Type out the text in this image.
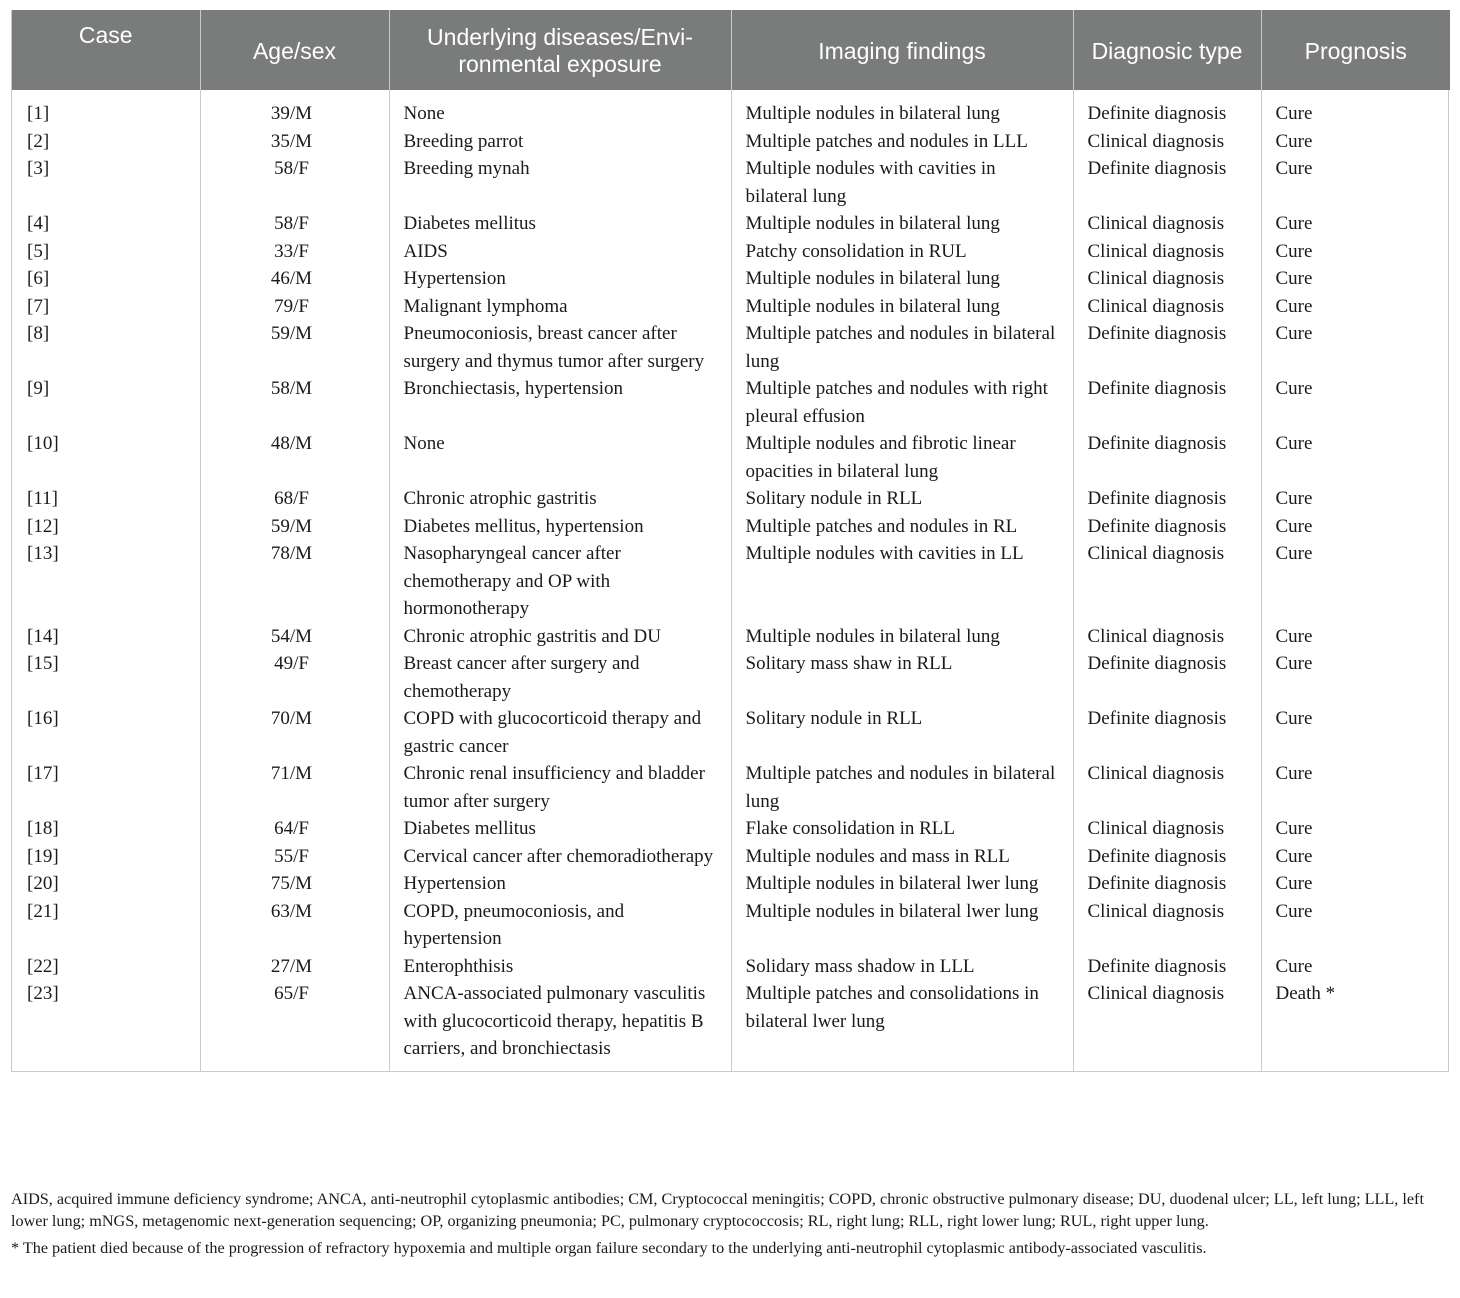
Case	Age/sex	Underlying diseases/Envi-ronmental exposure	Imaging findings	Diagnosic type	Prognosis
[1]	39/M	None	Multiple nodules in bilateral lung	Definite diagnosis	Cure
[2]	35/M	Breeding parrot	Multiple patches and nodules in LLL	Clinical diagnosis	Cure
[3]	58/F	Breeding mynah	Multiple nodules with cavities in bilateral lung	Definite diagnosis	Cure
[4]	58/F	Diabetes mellitus	Multiple nodules in bilateral lung	Clinical diagnosis	Cure
[5]	33/F	AIDS	Patchy consolidation in RUL	Clinical diagnosis	Cure
[6]	46/M	Hypertension	Multiple nodules in bilateral lung	Clinical diagnosis	Cure
[7]	79/F	Malignant lymphoma	Multiple nodules in bilateral lung	Clinical diagnosis	Cure
[8]	59/M	Pneumoconiosis, breast cancer after surgery and thymus tumor after surgery	Multiple patches and nodules in bilateral lung	Definite diagnosis	Cure
[9]	58/M	Bronchiectasis, hypertension	Multiple patches and nodules with right pleural effusion	Definite diagnosis	Cure
[10]	48/M	None	Multiple nodules and fibrotic linear opacities in bilateral lung	Definite diagnosis	Cure
[11]	68/F	Chronic atrophic gastritis	Solitary nodule in RLL	Definite diagnosis	Cure
[12]	59/M	Diabetes mellitus, hypertension	Multiple patches and nodules in RL	Definite diagnosis	Cure
[13]	78/M	Nasopharyngeal cancer after chemotherapy and OP with hormonotherapy	Multiple nodules with cavities in LL	Clinical diagnosis	Cure
[14]	54/M	Chronic atrophic gastritis and DU	Multiple nodules in bilateral lung	Clinical diagnosis	Cure
[15]	49/F	Breast cancer after surgery and chemotherapy	Solitary mass shaw in RLL	Definite diagnosis	Cure
[16]	70/M	COPD with glucocorticoid therapy and gastric cancer	Solitary nodule in RLL	Definite diagnosis	Cure
[17]	71/M	Chronic renal insufficiency and bladder tumor after surgery	Multiple patches and nodules in bilateral lung	Clinical diagnosis	Cure
[18]	64/F	Diabetes mellitus	Flake consolidation in RLL	Clinical diagnosis	Cure
[19]	55/F	Cervical cancer after chemoradiotherapy	Multiple nodules and mass in RLL	Definite diagnosis	Cure
[20]	75/M	Hypertension	Multiple nodules in bilateral lwer lung	Definite diagnosis	Cure
[21]	63/M	COPD, pneumoconiosis, and hypertension	Multiple nodules in bilateral lwer lung	Clinical diagnosis	Cure
[22]	27/M	Enterophthisis	Solidary mass shadow in LLL	Definite diagnosis	Cure
[23]	65/F	ANCA-associated pulmonary vasculitis with glucocorticoid therapy, hepatitis B carriers, and bronchiectasis	Multiple patches and consolidations in bilateral lwer lung	Clinical diagnosis	Death *

AIDS, acquired immune deficiency syndrome; ANCA, anti-neutrophil cytoplasmic antibodies; CM, Cryptococcal meningitis; COPD, chronic obstructive pulmonary disease; DU, duodenal ulcer; LL, left lung; LLL, left lower lung; mNGS, metagenomic next-generation sequencing; OP, organizing pneumonia; PC, pulmonary cryptococcosis; RL, right lung; RLL, right lower lung; RUL, right upper lung.

* The patient died because of the progression of refractory hypoxemia and multiple organ failure secondary to the underlying anti-neutrophil cytoplasmic antibody-associated vasculitis.
